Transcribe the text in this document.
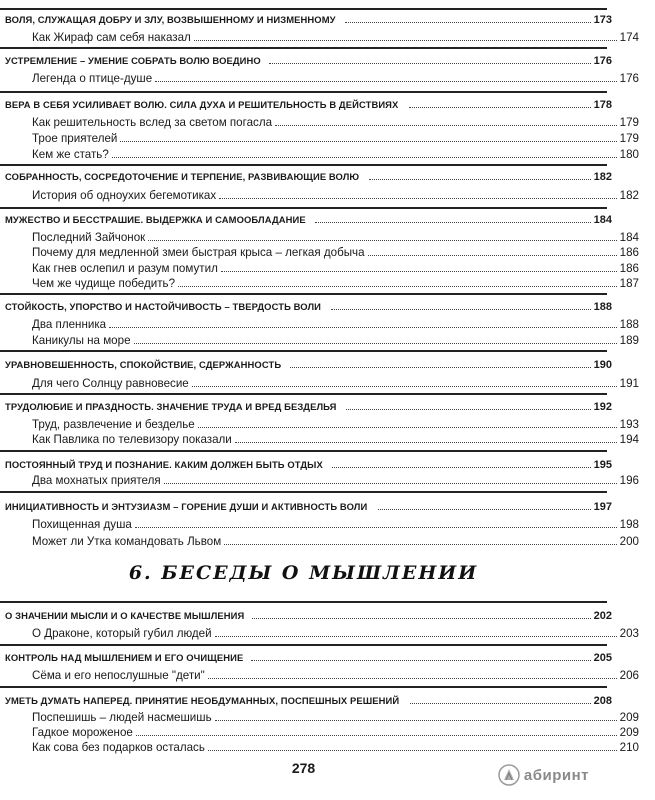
ВОЛЯ, СЛУЖАЩАЯ ДОБРУ И ЗЛУ, ВОЗВЫШЕННОМУ И НИЗМЕННОМУ	173
Как Жираф сам себя наказал	174
УСТРЕМЛЕНИЕ – УМЕНИЕ СОБРАТЬ ВОЛЮ ВОЕДИНО	176
Легенда о птице-душе	176
ВЕРА В СЕБЯ УСИЛИВАЕТ ВОЛЮ. СИЛА ДУХА И РЕШИТЕЛЬНОСТЬ В ДЕЙСТВИЯХ	178
Как решительность вслед за светом погасла	179
Трое приятелей	179
Кем же стать?	180
СОБРАННОСТЬ, СОСРЕДОТОЧЕНИЕ И ТЕРПЕНИЕ, РАЗВИВАЮЩИЕ ВОЛЮ	182
История об одноухих бегемотиках	182
МУЖЕСТВО И БЕССТРАШИЕ. ВЫДЕРЖКА И САМООБЛАДАНИЕ	184
Последний Зайчонок	184
Почему для медленной змеи быстрая крыса – легкая добыча	186
Как гнев ослепил и разум помутил	186
Чем же чудище победить?	187
СТОЙКОСТЬ, УПОРСТВО И НАСТОЙЧИВОСТЬ – ТВЕРДОСТЬ ВОЛИ	188
Два пленника	188
Каникулы на море	189
УРАВНОВЕШЕННОСТЬ, СПОКОЙСТВИЕ, СДЕРЖАННОСТЬ	190
Для чего Солнцу равновесие	191
ТРУДОЛЮБИЕ И ПРАЗДНОСТЬ. ЗНАЧЕНИЕ ТРУДА И ВРЕД БЕЗДЕЛЬЯ	192
Труд, развлечение и безделье	193
Как Павлика по телевизору показали	194
ПОСТОЯННЫЙ ТРУД И ПОЗНАНИЕ. КАКИМ ДОЛЖЕН БЫТЬ ОТДЫХ	195
Два мохнатых приятеля	196
ИНИЦИАТИВНОСТЬ И ЭНТУЗИАЗМ – ГОРЕНИЕ ДУШИ И АКТИВНОСТЬ ВОЛИ	197
Похищенная душа	198
Может ли Утка командовать Львом	200
6. БЕСЕДЫ О МЫШЛЕНИИ
О ЗНАЧЕНИИ МЫСЛИ И О КАЧЕСТВЕ МЫШЛЕНИЯ	202
О Драконе, который губил людей	203
КОНТРОЛЬ НАД МЫШЛЕНИЕМ И ЕГО ОЧИЩЕНИЕ	205
Сёма и его непослушные "дети"	206
УМЕТЬ ДУМАТЬ НАПЕРЕД. ПРИНЯТИЕ НЕОБДУМАННЫХ, ПОСПЕШНЫХ РЕШЕНИЙ	208
Поспешишь – людей насмешишь	209
Гадкое мороженое	209
Как сова без подарков осталась	210
278	абиринт
